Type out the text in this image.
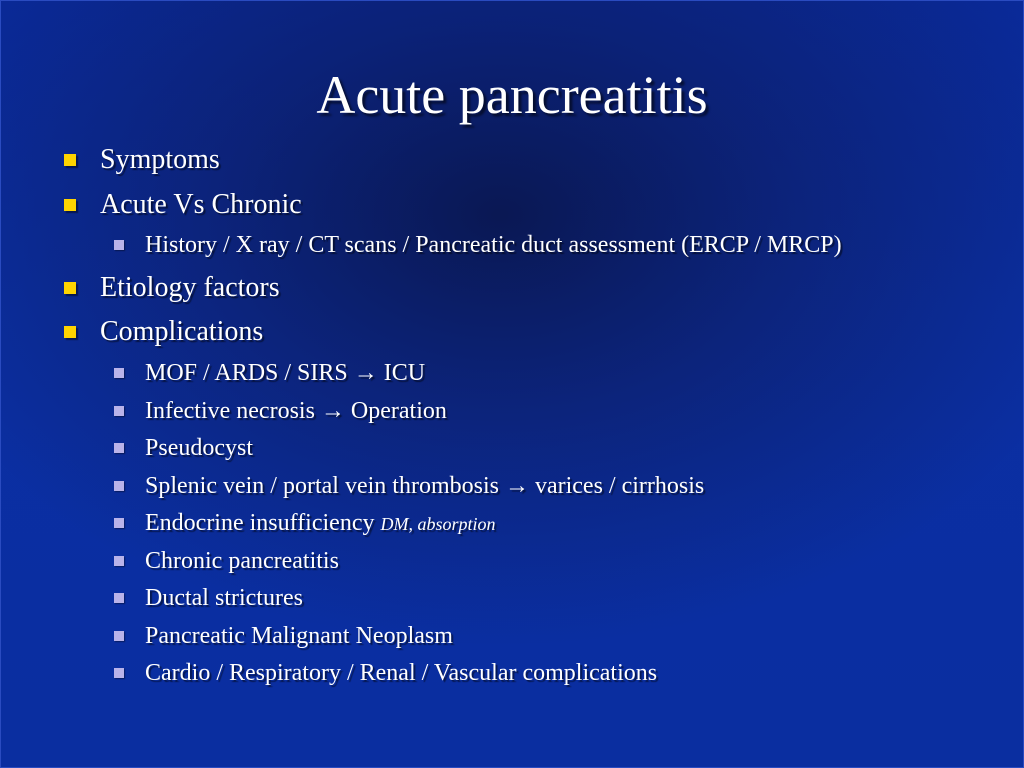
Acute pancreatitis
Symptoms
Acute Vs Chronic
History / X ray / CT scans / Pancreatic duct assessment (ERCP / MRCP)
Etiology factors
Complications
MOF / ARDS / SIRS → ICU
Infective necrosis → Operation
Pseudocyst
Splenic vein / portal vein thrombosis → varices / cirrhosis
Endocrine insufficiency DM, absorption
Chronic pancreatitis
Ductal strictures
Pancreatic Malignant Neoplasm
Cardio / Respiratory / Renal / Vascular complications
